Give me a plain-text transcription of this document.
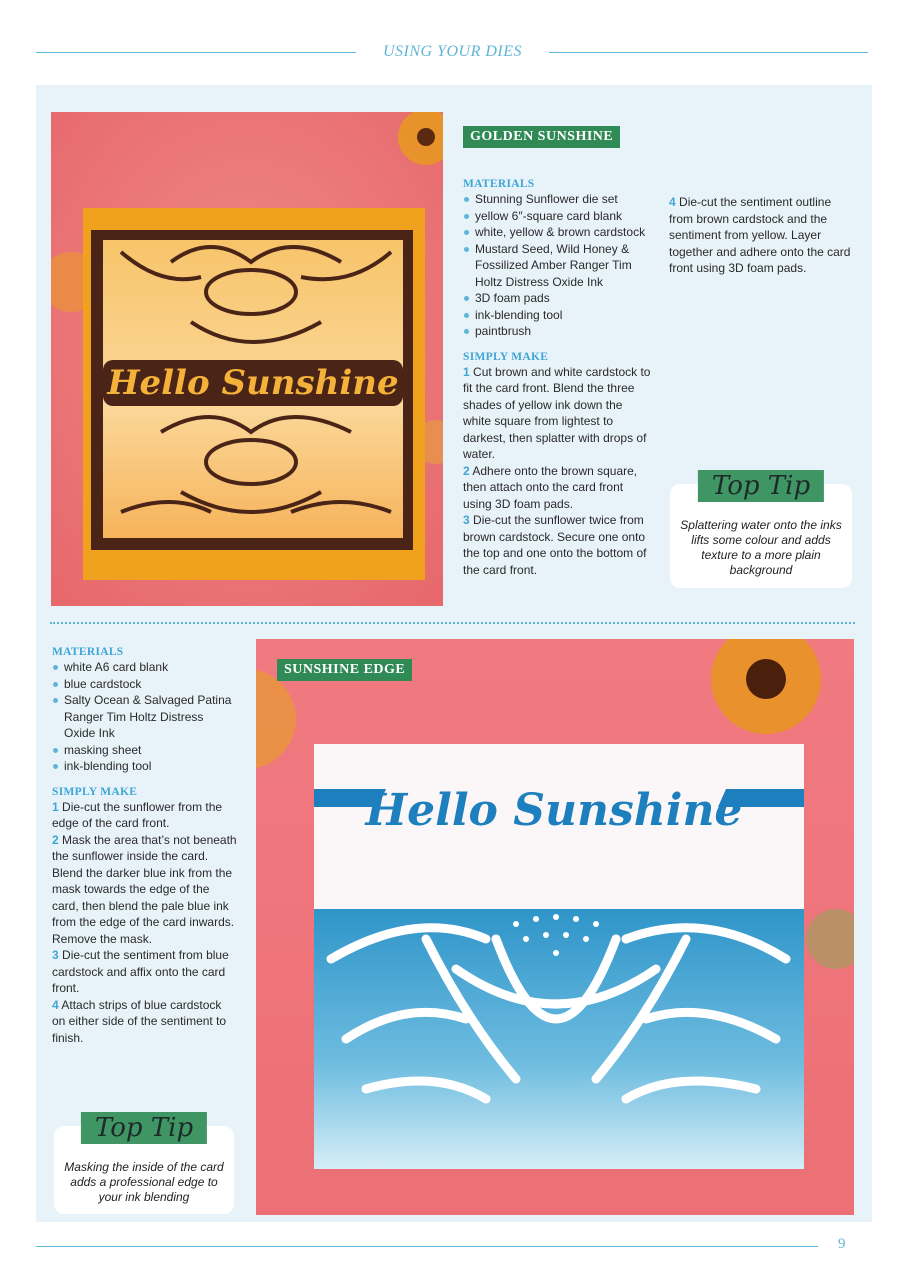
USING YOUR DIES
Hello Sunshine
GOLDEN SUNSHINE

MATERIALS

Stunning Sunflower die set
yellow 6″-square card blank
white, yellow & brown cardstock
Mustard Seed, Wild Honey & Fossilized Amber Ranger Tim Holtz Distress Oxide Ink
3D foam pads
ink-blending tool
paintbrush

SIMPLY MAKE

1 Cut brown and white cardstock to fit the card front. Blend the three shades of yellow ink down the white square from lightest to darkest, then splatter with drops of water.

2 Adhere onto the brown square, then attach onto the card front using 3D foam pads.

3 Die-cut the sunflower twice from brown cardstock. Secure one onto the top and one onto the bottom of the card front.

4 Die-cut the sentiment outline from brown cardstock and the sentiment from yellow. Layer together and adhere onto the card front using 3D foam pads.

Top Tip
Splattering water onto the inks lifts some colour and adds texture to a more plain background

MATERIALS

white A6 card blank
blue cardstock
Salty Ocean & Salvaged Patina Ranger Tim Holtz Distress Oxide Ink
masking sheet
ink-blending tool

SIMPLY MAKE

1 Die-cut the sunflower from the edge of the card front.

2 Mask the area that’s not beneath the sunflower inside the card. Blend the darker blue ink from the mask towards the edge of the card, then blend the pale blue ink from the edge of the card inwards. Remove the mask.

3 Die-cut the sentiment from blue cardstock and affix onto the card front.

4 Attach strips of blue cardstock on either side of the sentiment to finish.

Top Tip
Masking the inside of the card adds a professional edge to your ink blending
Hello Sunshine
SUNSHINE EDGE
9
